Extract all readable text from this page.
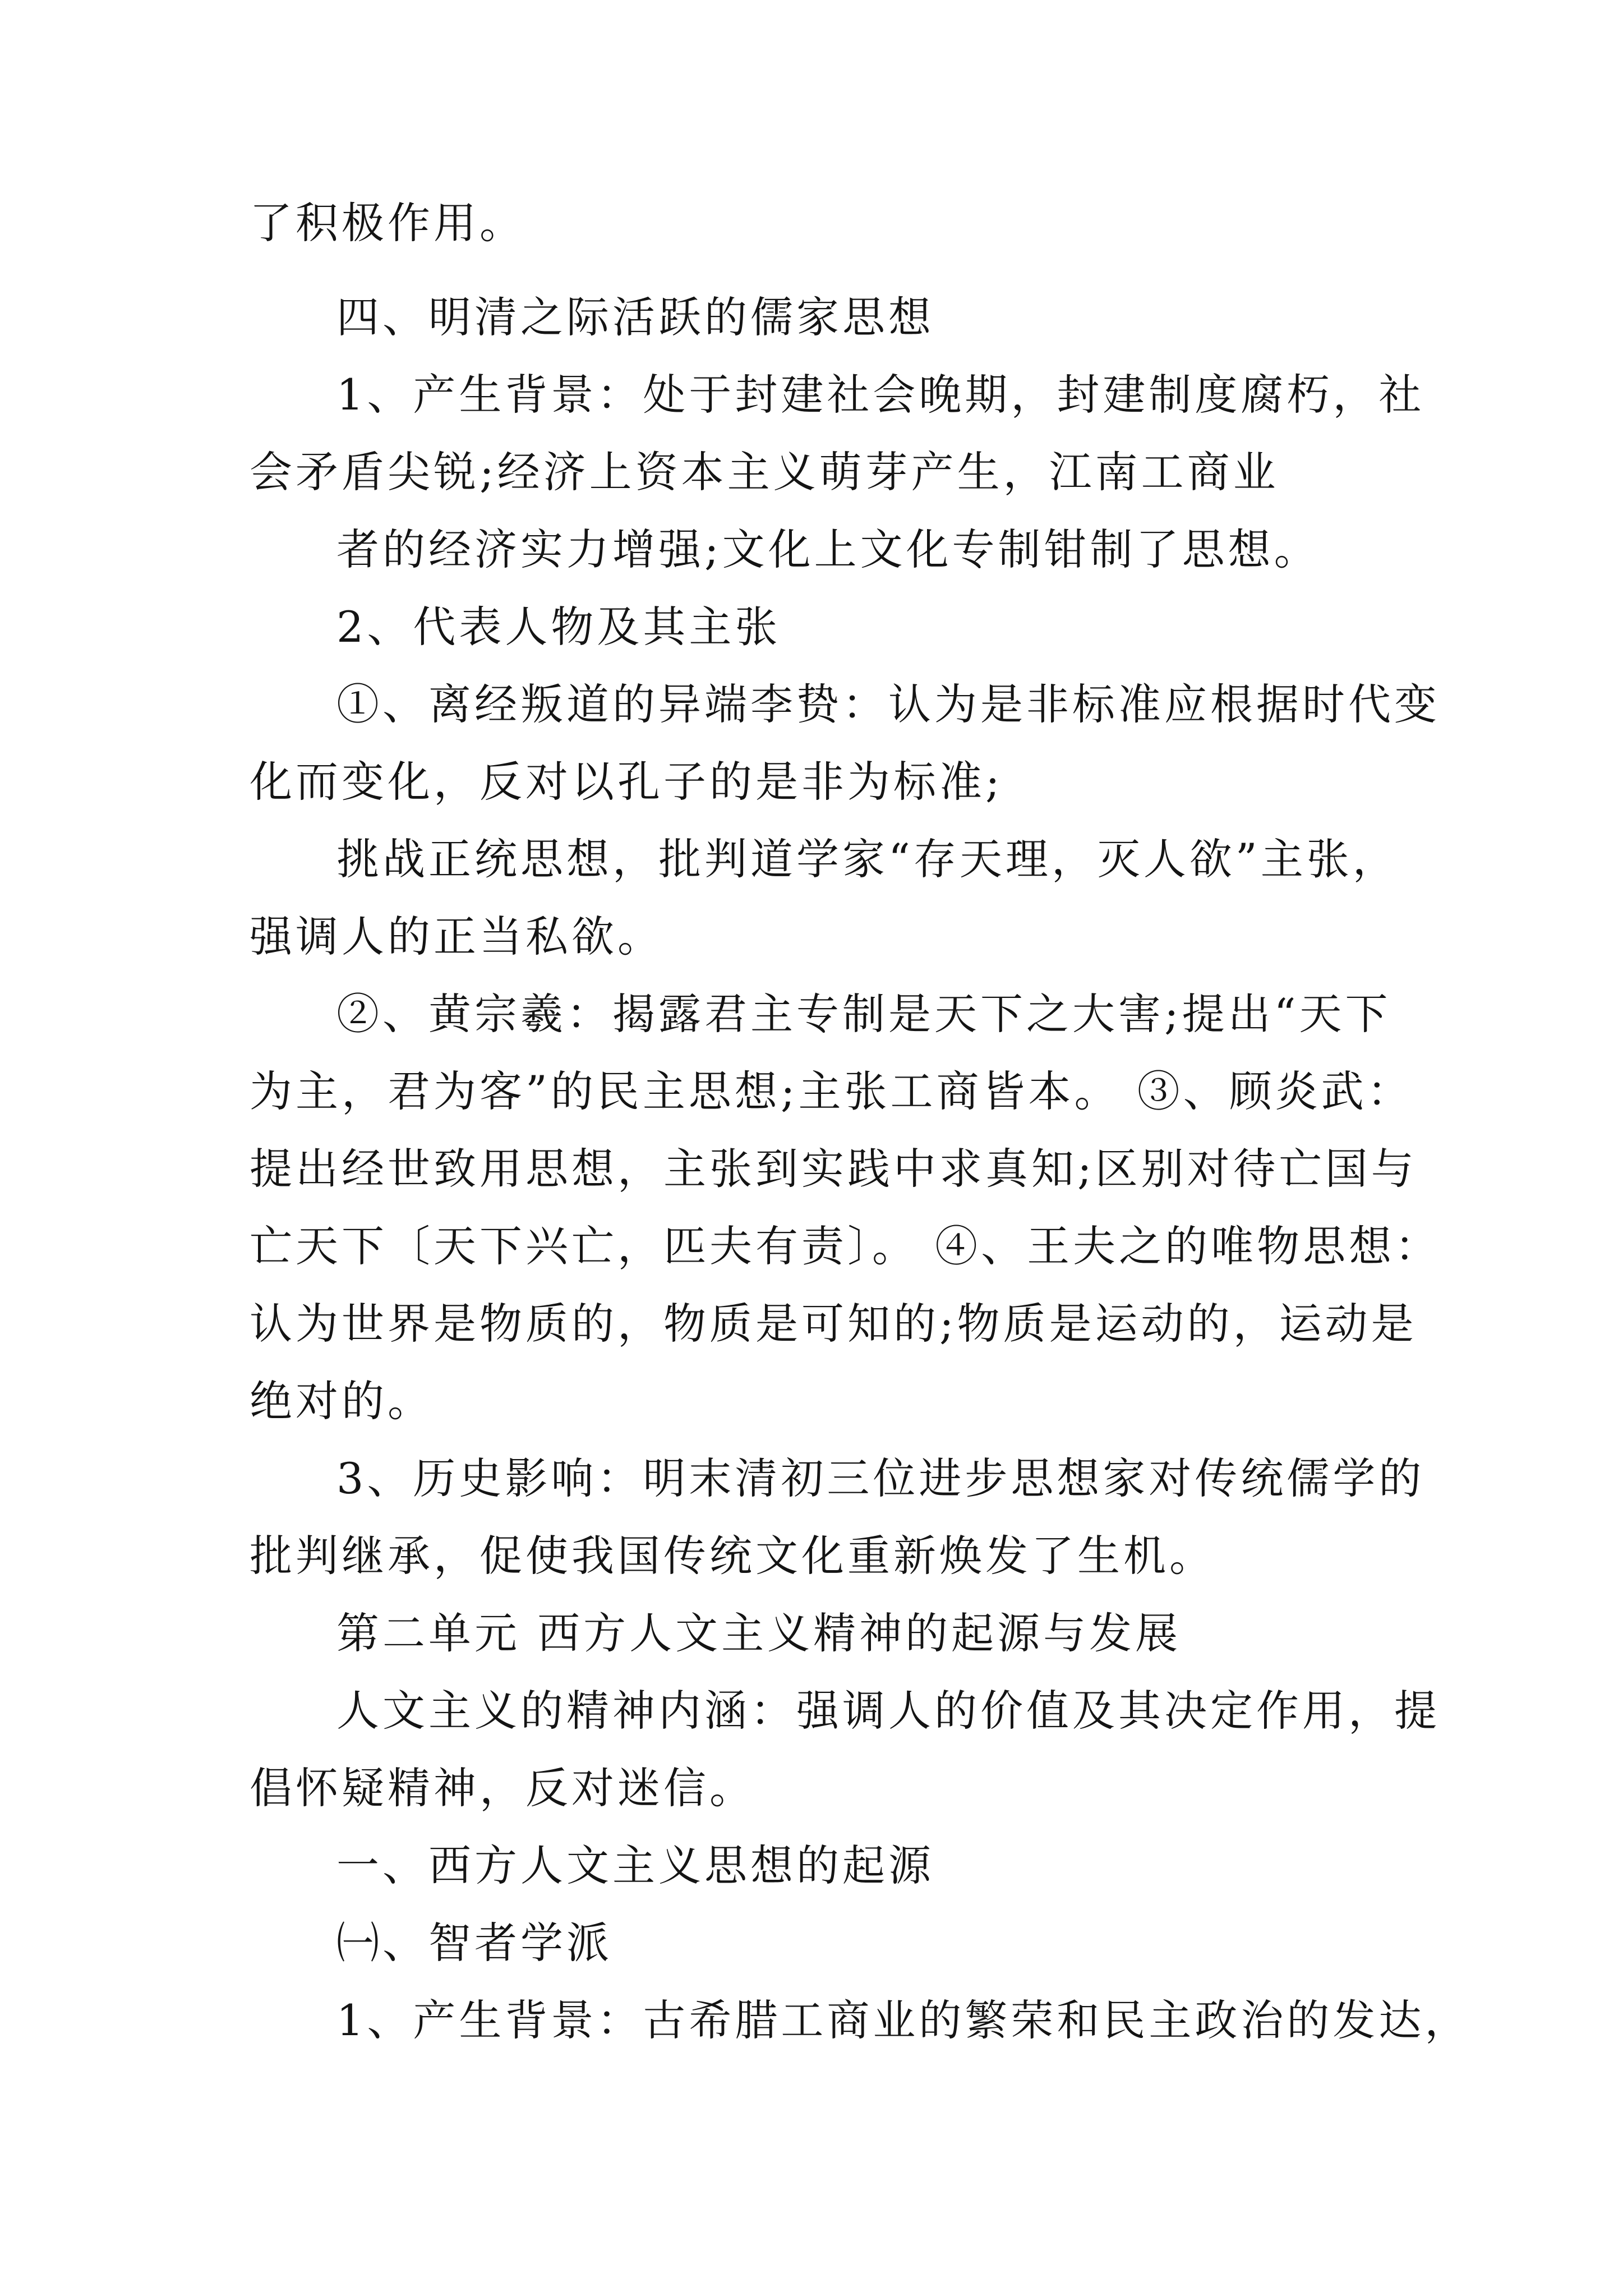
了积极作用。
四、明清之际活跃的儒家思想
1、产生背景：处于封建社会晚期，封建制度腐朽，社
会矛盾尖锐;经济上资本主义萌芽产生，江南工商业
者的经济实力增强;文化上文化专制钳制了思想。
2、代表人物及其主张
①、离经叛道的异端李贽：认为是非标准应根据时代变
化而变化，反对以孔子的是非为标准;
挑战正统思想，批判道学家“存天理，灭人欲”主张，
强调人的正当私欲。
②、黄宗羲：揭露君主专制是天下之大害;提出“天下
为主，君为客”的民主思想;主张工商皆本。 ③、顾炎武：
提出经世致用思想，主张到实践中求真知;区别对待亡国与
亡天下〔天下兴亡，匹夫有责〕。 ④、王夫之的唯物思想：
认为世界是物质的，物质是可知的;物质是运动的，运动是
绝对的。
3、历史影响：明末清初三位进步思想家对传统儒学的
批判继承，促使我国传统文化重新焕发了生机。
第二单元 西方人文主义精神的起源与发展
人文主义的精神内涵：强调人的价值及其决定作用，提
倡怀疑精神，反对迷信。
一、西方人文主义思想的起源
㈠、智者学派
1、产生背景：古希腊工商业的繁荣和民主政治的发达，
